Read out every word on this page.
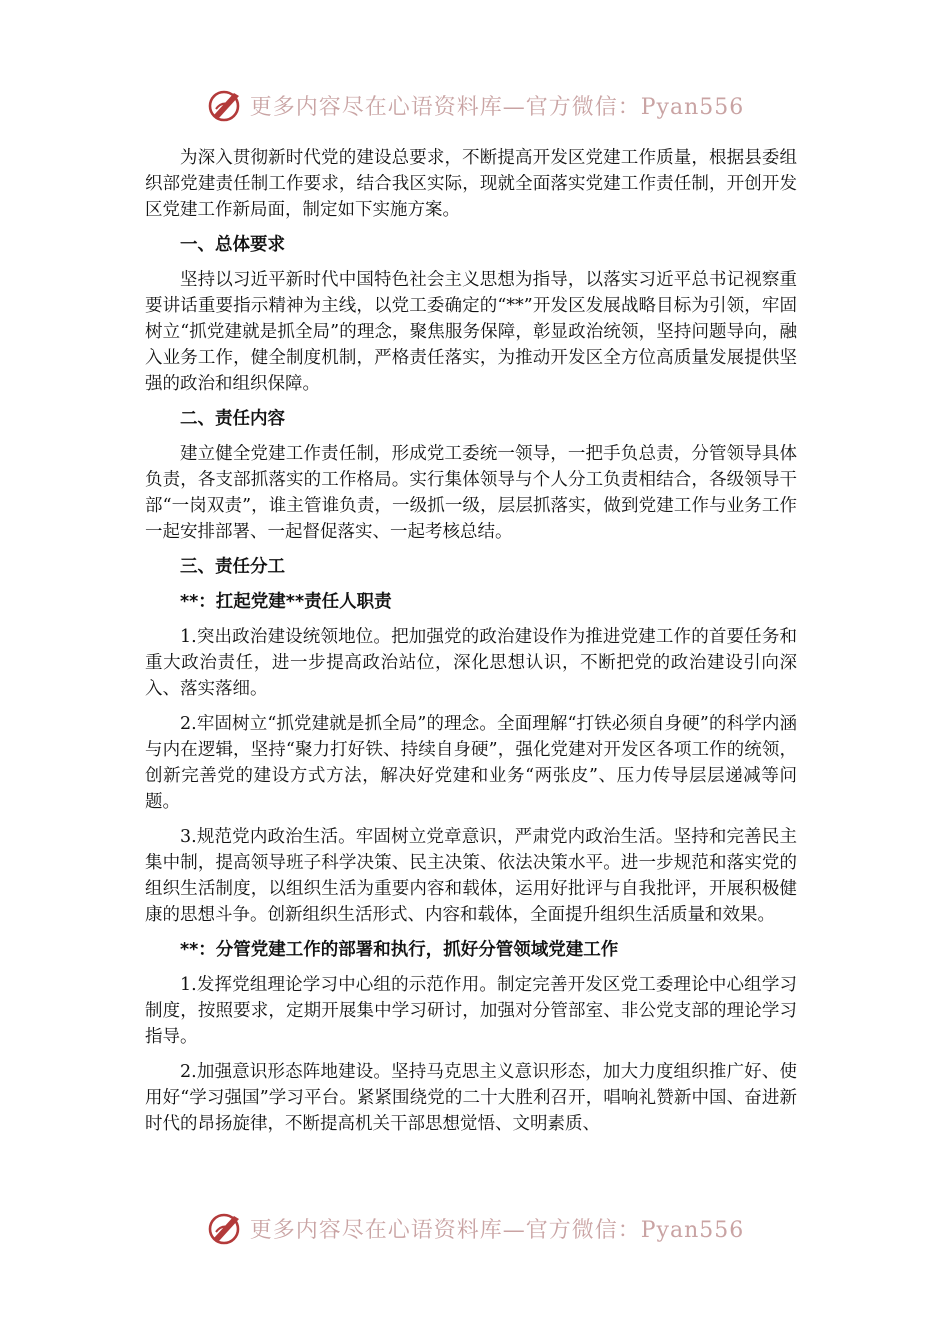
更多内容尽在心语资料库—官方微信：Pyan556

为深入贯彻新时代党的建设总要求，不断提高开发区党建工作质量，根据县委组织部党建责任制工作要求，结合我区实际，现就全面落实党建工作责任制，开创开发区党建工作新局面，制定如下实施方案。

一、总体要求

坚持以习近平新时代中国特色社会主义思想为指导，以落实习近平总书记视察重要讲话重要指示精神为主线，以党工委确定的“**”开发区发展战略目标为引领，牢固树立“抓党建就是抓全局”的理念，聚焦服务保障，彰显政治统领，坚持问题导向，融入业务工作，健全制度机制，严格责任落实，为推动开发区全方位高质量发展提供坚强的政治和组织保障。

二、责任内容

建立健全党建工作责任制，形成党工委统一领导，一把手负总责，分管领导具体负责，各支部抓落实的工作格局。实行集体领导与个人分工负责相结合，各级领导干部“一岗双责”，谁主管谁负责，一级抓一级，层层抓落实，做到党建工作与业务工作一起安排部署、一起督促落实、一起考核总结。

三、责任分工

**：扛起党建**责任人职责

1.突出政治建设统领地位。把加强党的政治建设作为推进党建工作的首要任务和重大政治责任，进一步提高政治站位，深化思想认识，不断把党的政治建设引向深入、落实落细。

2.牢固树立“抓党建就是抓全局”的理念。全面理解“打铁必须自身硬”的科学内涵与内在逻辑，坚持“聚力打好铁、持续自身硬”，强化党建对开发区各项工作的统领，创新完善党的建设方式方法，解决好党建和业务“两张皮”、压力传导层层递减等问题。

3.规范党内政治生活。牢固树立党章意识，严肃党内政治生活。坚持和完善民主集中制，提高领导班子科学决策、民主决策、依法决策水平。进一步规范和落实党的组织生活制度，以组织生活为重要内容和载体，运用好批评与自我批评，开展积极健康的思想斗争。创新组织生活形式、内容和载体，全面提升组织生活质量和效果。

**：分管党建工作的部署和执行，抓好分管领域党建工作

1.发挥党组理论学习中心组的示范作用。制定完善开发区党工委理论中心组学习制度，按照要求，定期开展集中学习研讨，加强对分管部室、非公党支部的理论学习指导。

2.加强意识形态阵地建设。坚持马克思主义意识形态，加大力度组织推广好、使用好“学习强国”学习平台。紧紧围绕党的二十大胜利召开，唱响礼赞新中国、奋进新时代的昂扬旋律，不断提高机关干部思想觉悟、文明素质、

更多内容尽在心语资料库—官方微信：Pyan556
